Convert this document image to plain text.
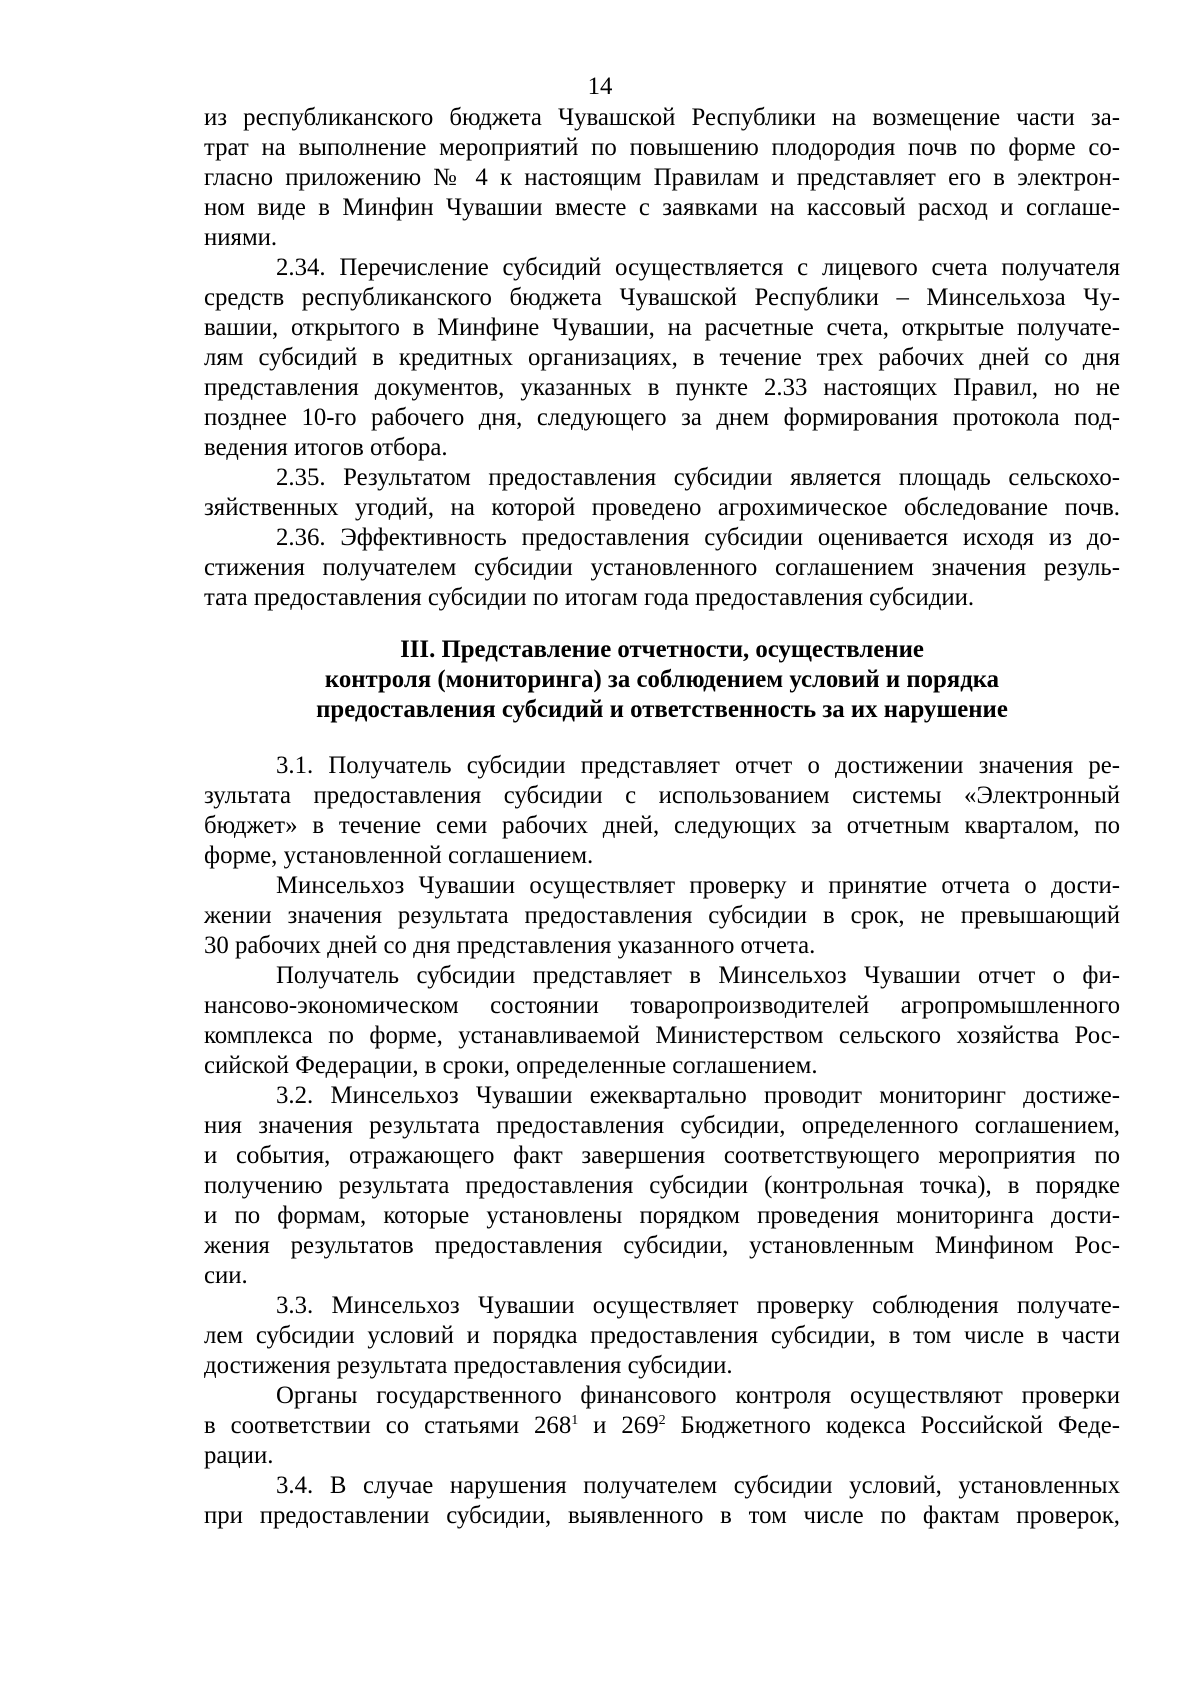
14
из республиканского бюджета Чувашской Республики на возмещение части за-
трат на выполнение мероприятий по повышению плодородия почв по форме со-
гласно приложению № 4 к настоящим Правилам и представляет его в электрон-
ном виде в Минфин Чувашии вместе с заявками на кассовый расход и соглаше-
ниями.
2.34. Перечисление субсидий осуществляется с лицевого счета получателя
средств республиканского бюджета Чувашской Республики – Минсельхоза Чу-
вашии, открытого в Минфине Чувашии, на расчетные счета, открытые получате-
лям субсидий в кредитных организациях, в течение трех рабочих дней со дня
представления документов, указанных в пункте 2.33 настоящих Правил, но не
позднее 10-го рабочего дня, следующего за днем формирования протокола под-
ведения итогов отбора.
2.35. Результатом предоставления субсидии является площадь сельскохо-
зяйственных угодий, на которой проведено агрохимическое обследование почв.
2.36. Эффективность предоставления субсидии оценивается исходя из до-
стижения получателем субсидии установленного соглашением значения резуль-
тата предоставления субсидии по итогам года предоставления субсидии.
III. Представление отчетности, осуществление
контроля (мониторинга) за соблюдением условий и порядка
предоставления субсидий и ответственность за их нарушение
3.1. Получатель субсидии представляет отчет о достижении значения ре-
зультата предоставления субсидии с использованием системы «Электронный
бюджет» в течение семи рабочих дней, следующих за отчетным кварталом, по
форме, установленной соглашением.
Минсельхоз Чувашии осуществляет проверку и принятие отчета о дости-
жении значения результата предоставления субсидии в срок, не превышающий
30 рабочих дней со дня представления указанного отчета.
Получатель субсидии представляет в Минсельхоз Чувашии отчет о фи-
нансово-экономическом состоянии товаропроизводителей агропромышленного
комплекса по форме, устанавливаемой Министерством сельского хозяйства Рос-
сийской Федерации, в сроки, определенные соглашением.
3.2. Минсельхоз Чувашии ежеквартально проводит мониторинг достиже-
ния значения результата предоставления субсидии, определенного соглашением,
и события, отражающего факт завершения соответствующего мероприятия по
получению результата предоставления субсидии (контрольная точка), в порядке
и по формам, которые установлены порядком проведения мониторинга дости-
жения результатов предоставления субсидии, установленным Минфином Рос-
сии.
3.3. Минсельхоз Чувашии осуществляет проверку соблюдения получате-
лем субсидии условий и порядка предоставления субсидии, в том числе в части
достижения результата предоставления субсидии.
Органы государственного финансового контроля осуществляют проверки
в соответствии со статьями $268^1$ и $269^2$ Бюджетного кодекса Российской Феде-
рации.
3.4. В случае нарушения получателем субсидии условий, установленных
при предоставлении субсидии, выявленного в том числе по фактам проверок,
